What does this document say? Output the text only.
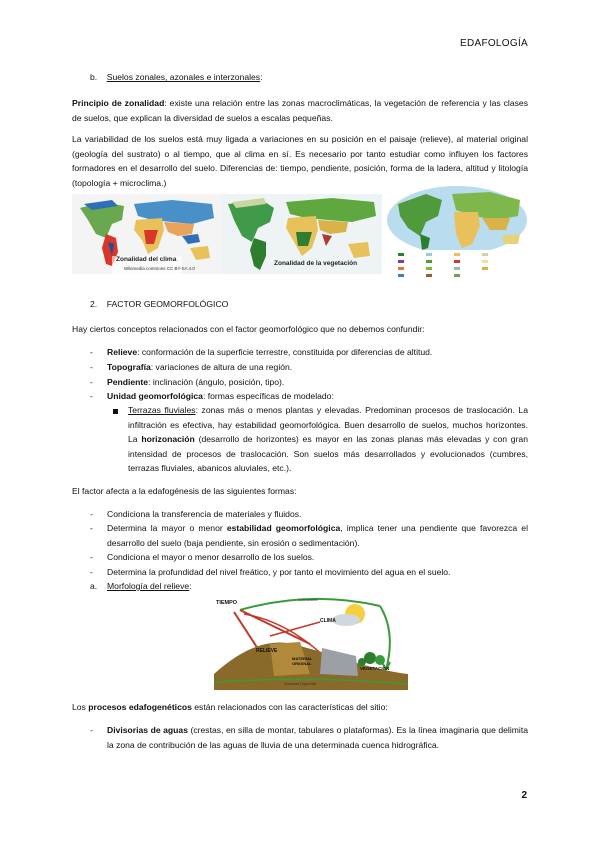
EDAFOLOGÍA
b. Suelos zonales, azonales e interzonales:
Principio de zonalidad: existe una relación entre las zonas macroclimáticas, la vegetación de referencia y las clases de suelos, que explican la diversidad de suelos a escalas pequeñas.
La variabilidad de los suelos está muy ligada a variaciones en su posición en el paisaje (relieve), al material original (geología del sustrato) o al tiempo, que al clima en sí. Es necesario por tanto estudiar como influyen los factores formadores en el desarrollo del suelo. Diferencias de: tiempo, pendiente, posición, forma de la ladera, altitud y litología (topología + microclima.)
Zonalidad del clima
Wikimedia commons CC BY-SA 4.0
Zonalidad de la vegetación
2. FACTOR GEOMORFOLÓGICO
Hay ciertos conceptos relacionados con el factor geomorfológico que no debemos confundir:
- Relieve: conformación de la superficie terrestre, constituida por diferencias de altitud.
- Topografía: variaciones de altura de una región.
- Pendiente: inclinación (ángulo, posición, tipo).
- Unidad geomorfológica: formas específicas de modelado:
Terrazas fluviales: zonas más o menos plantas y elevadas. Predominan procesos de traslocación. La infiltración es efectiva, hay estabilidad geomorfológica. Buen desarrollo de suelos, muchos horizontes. La horizonación (desarrollo de horizontes) es mayor en las zonas planas más elevadas y con gran intensidad de procesos de traslocación. Son suelos más desarrollados y evolucionados (cumbres, terrazas fluviales, abanicos aluviales, etc.).
El factor afecta a la edafogénesis de las siguientes formas:
- Condiciona la transferencia de materiales y fluidos.
- Determina la mayor o menor estabilidad geomorfológica, implica tener una pendiente que favorezca el desarrollo del suelo (baja pendiente, sin erosión o sedimentación).
- Condiciona el mayor o menor desarrollo de los suelos.
- Determina la profundidad del nivel freático, y por tanto el movimiento del agua en el suelo.
a. Morfología del relieve:
TIEMPO	Colonización
CLIMA
RELIEVE
MATERIAL ORIGINAL
VEGETACIÓN
Humedad Disponible
Los procesos edafogenéticos están relacionados con las características del sitio:
- Divisorias de aguas (crestas, en silla de montar, tabulares o plataformas). Es la línea imaginaria que delimita la zona de contribución de las aguas de lluvia de una determinada cuenca hidrográfica.
2
